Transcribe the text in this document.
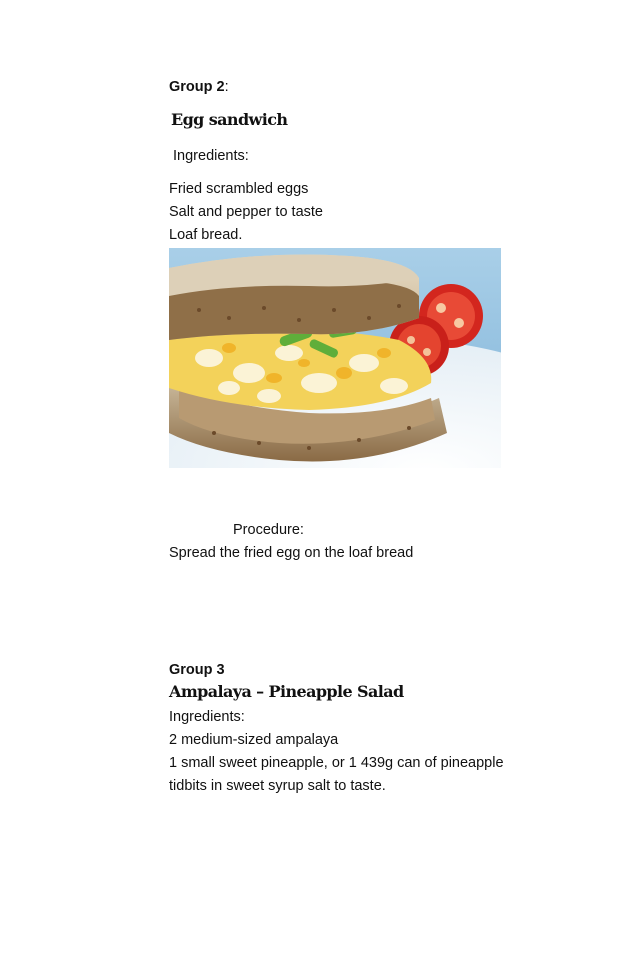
Group 2:
Egg sandwich
Ingredients:
Fried scrambled eggs
Salt and pepper to taste
Loaf bread.
Procedure:
Spread the fried egg on the loaf bread
Group 3
Ampalaya – Pineapple Salad
Ingredients:
2 medium-sized ampalaya
1 small sweet pineapple, or 1 439g can of pineapple
tidbits in sweet syrup salt to taste.
